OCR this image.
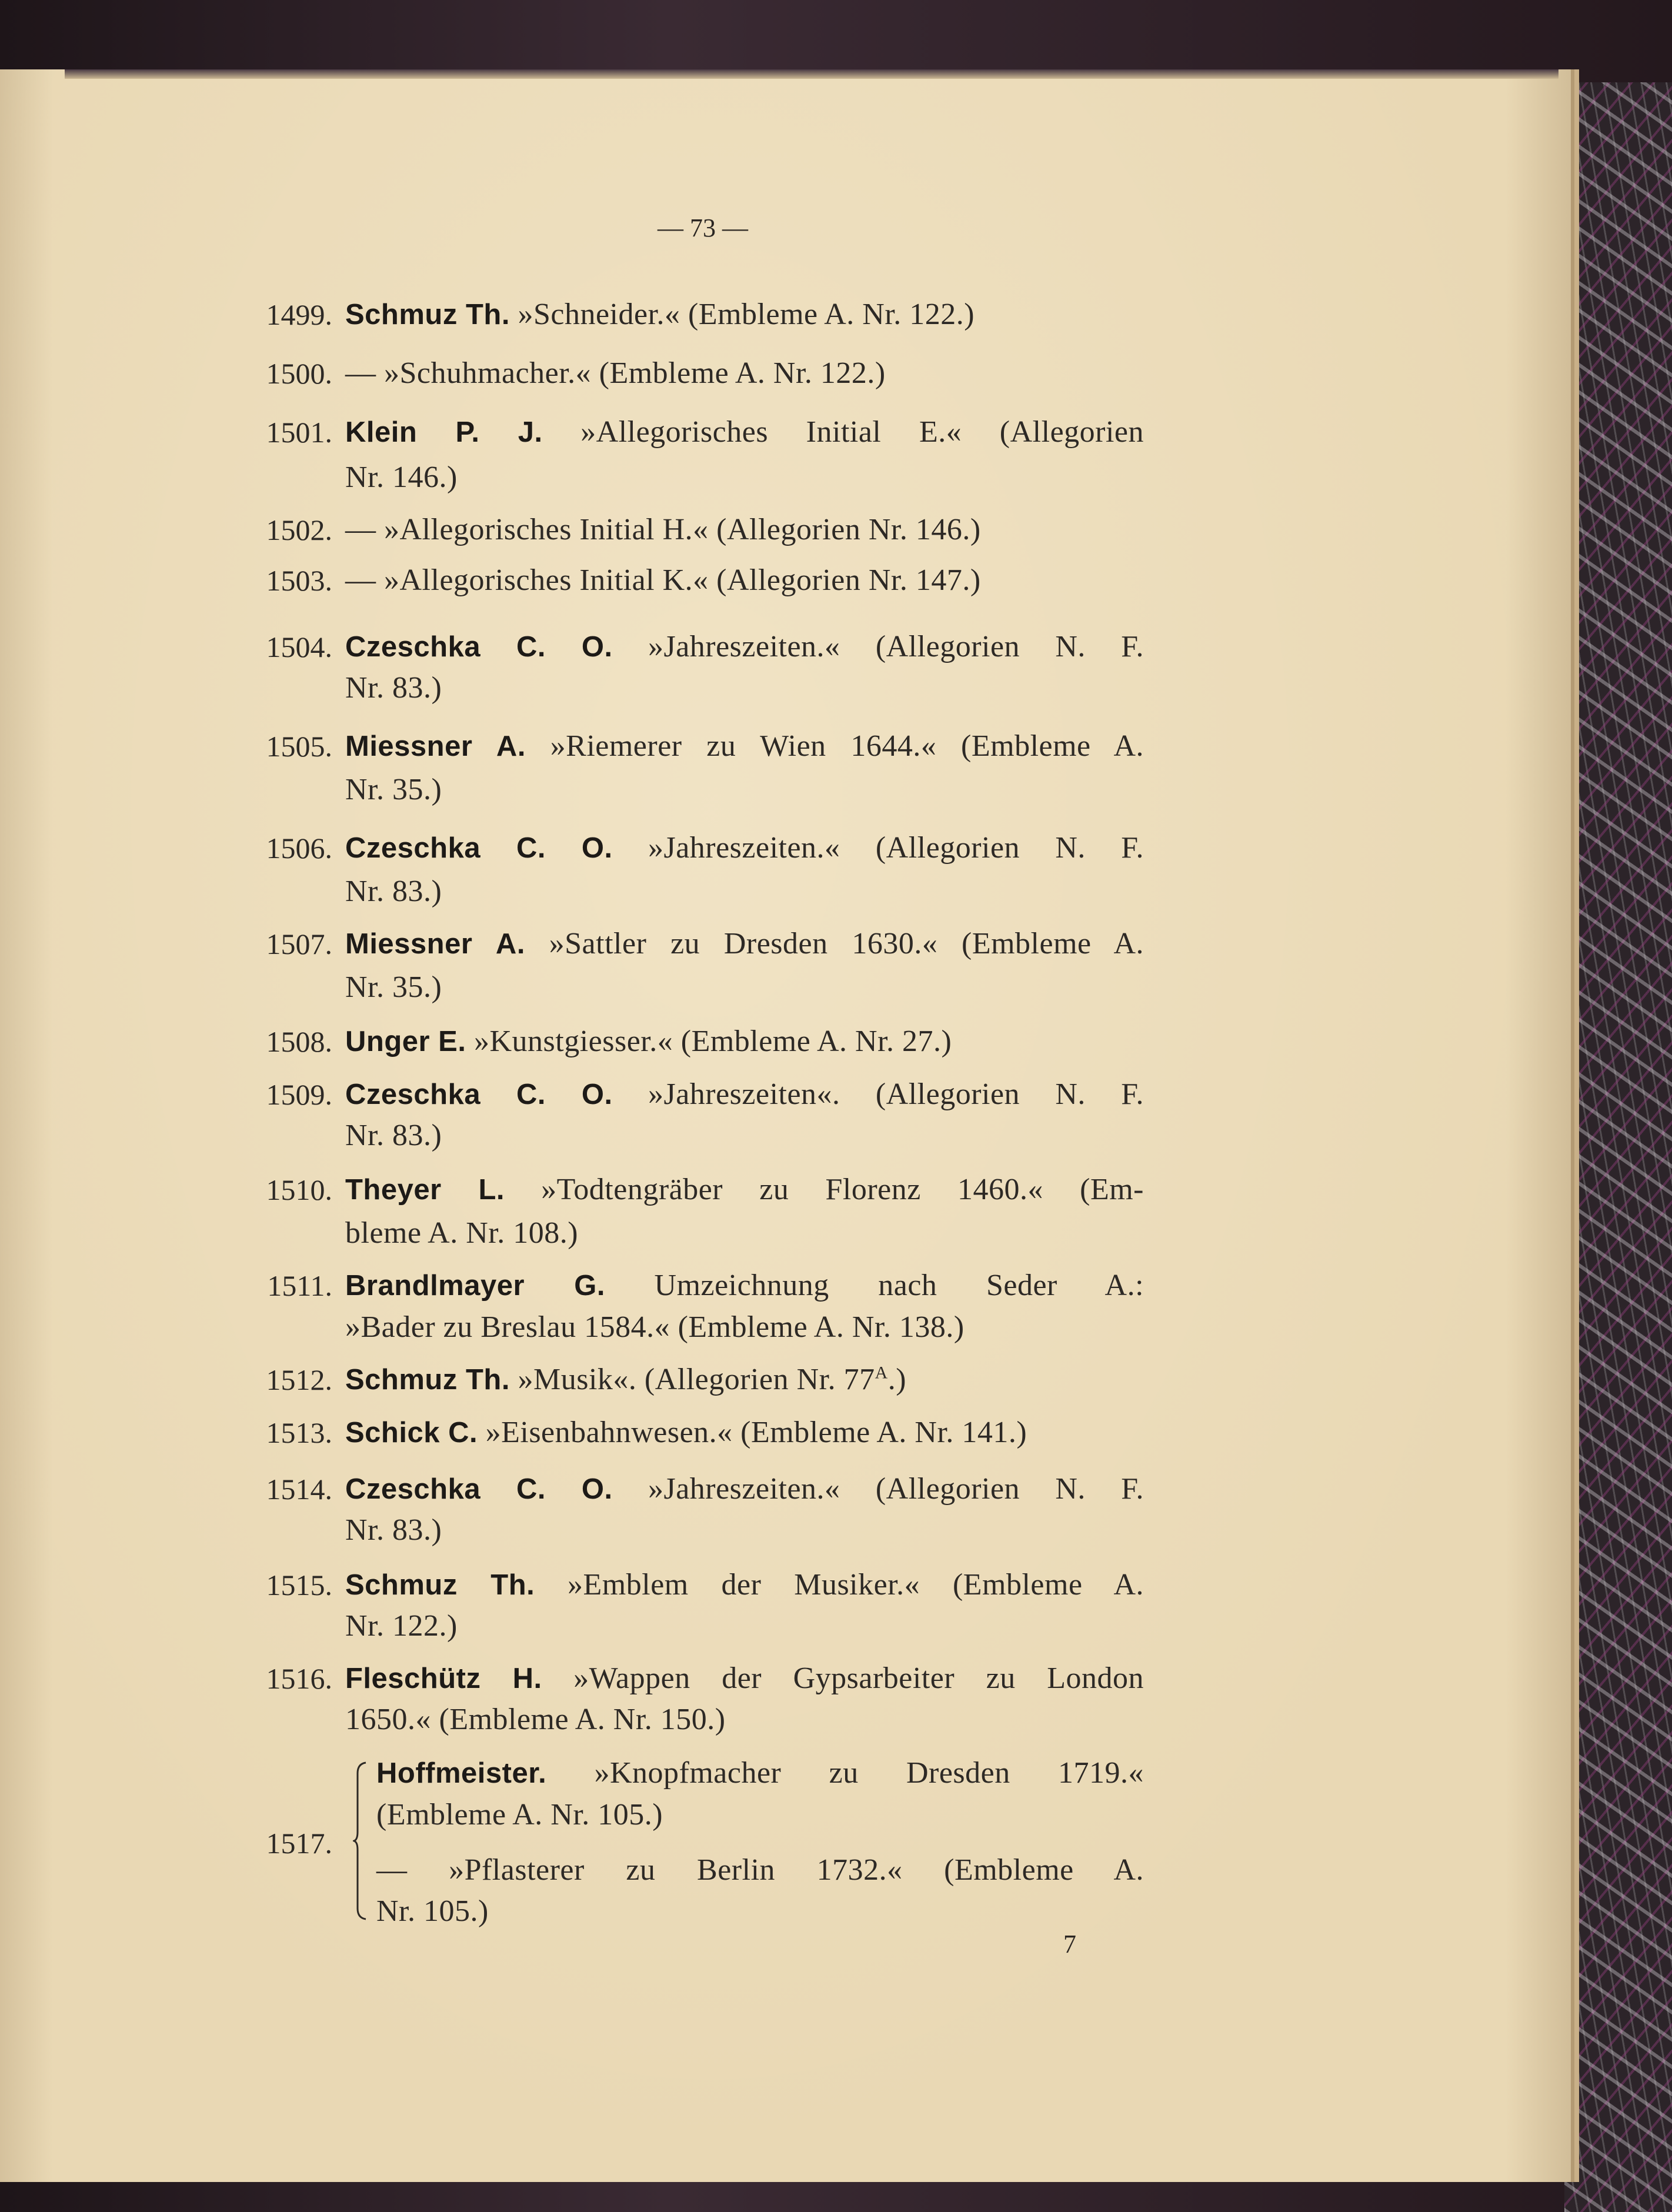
— 73 —
1499. Schmuz Th. »Schneider.« (Embleme A. Nr. 122.)
1500. — »Schuhmacher.« (Embleme A. Nr. 122.)
1501. Klein P. J. »Allegorisches Initial E.« (Allegorien
Nr. 146.)
1502. — »Allegorisches Initial H.« (Allegorien Nr. 146.)
1503. — »Allegorisches Initial K.« (Allegorien Nr. 147.)
1504. Czeschka C. O. »Jahreszeiten.« (Allegorien N. F.
Nr. 83.)
1505. Miessner A. »Riemerer zu Wien 1644.« (Embleme A.
Nr. 35.)
1506. Czeschka C. O. »Jahreszeiten.« (Allegorien N. F.
Nr. 83.)
1507. Miessner A. »Sattler zu Dresden 1630.« (Embleme A.
Nr. 35.)
1508. Unger E. »Kunstgiesser.« (Embleme A. Nr. 27.)
1509. Czeschka C. O. »Jahreszeiten«. (Allegorien N. F.
Nr. 83.)
1510. Theyer L. »Todtengräber zu Florenz 1460.« (Em-
bleme A. Nr. 108.)
1511. Brandlmayer G. Umzeichnung nach Seder A.:
»Bader zu Breslau 1584.« (Embleme A. Nr. 138.)
1512. Schmuz Th. »Musik«. (Allegorien Nr. $77^A$.)
1513. Schick C. »Eisenbahnwesen.« (Embleme A. Nr. 141.)
1514. Czeschka C. O. »Jahreszeiten.« (Allegorien N. F.
Nr. 83.)
1515. Schmuz Th. »Emblem der Musiker.« (Embleme A.
Nr. 122.)
1516. Fleschütz H. »Wappen der Gypsarbeiter zu London
1650.« (Embleme A. Nr. 150.)
1517.
Hoffmeister. »Knopfmacher zu Dresden 1719.«
(Embleme A. Nr. 105.)
— »Pflasterer zu Berlin 1732.« (Embleme A.
Nr. 105.)
7
